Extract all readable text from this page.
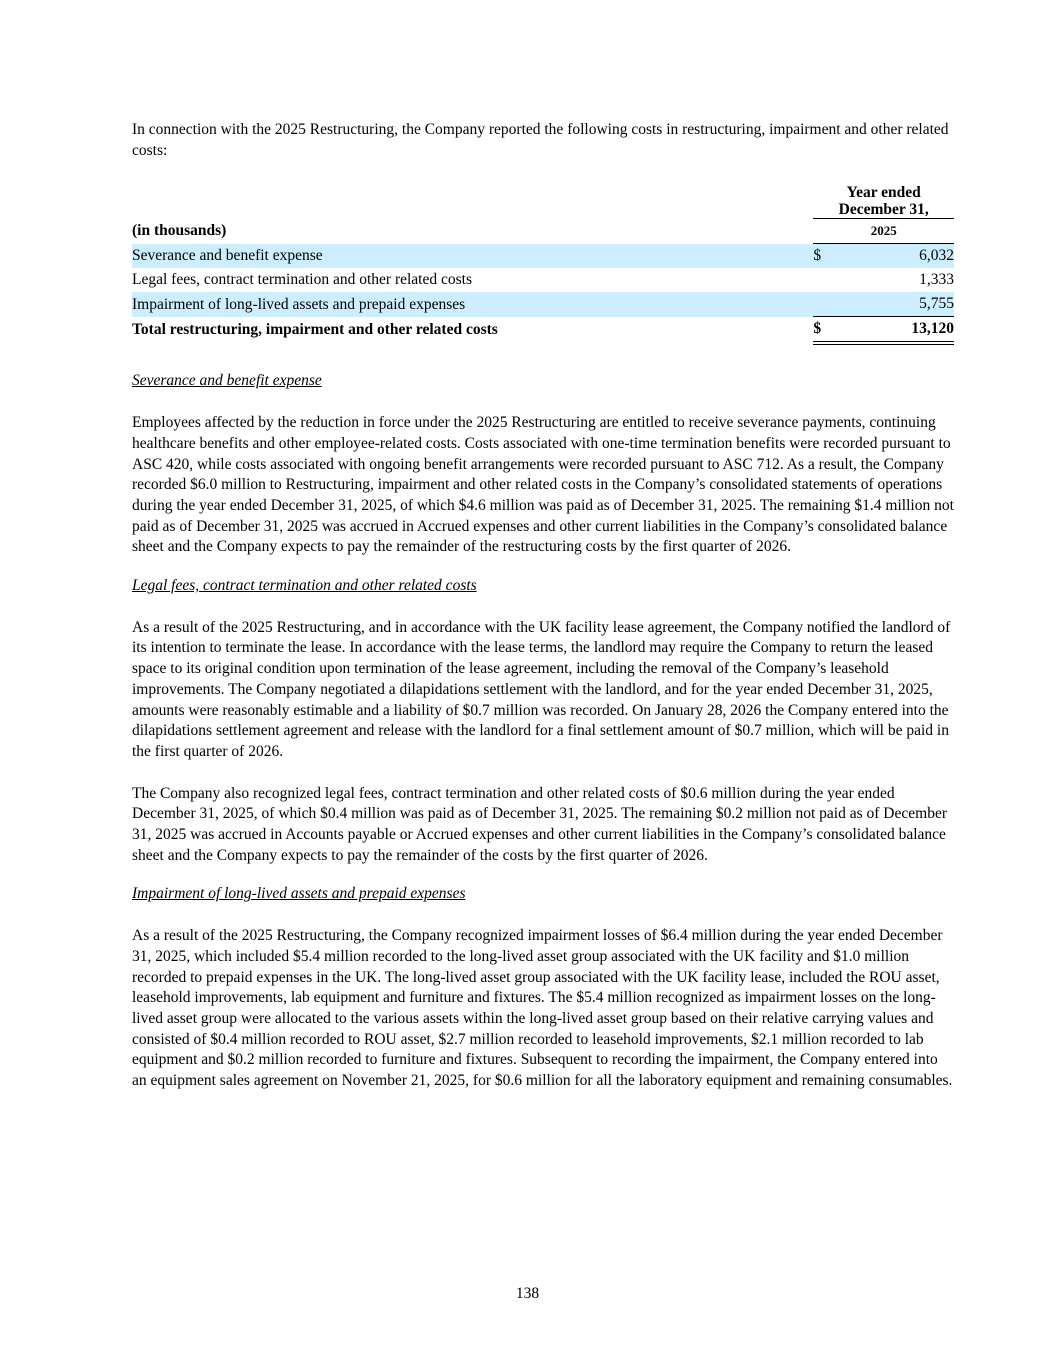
In connection with the 2025 Restructuring, the Company reported the following costs in restructuring, impairment and other related costs:

		Year ended
December 31,	
(in thousands)		2025	
Severance and benefit expense		$	6,032
Legal fees, contract termination and other related costs			1,333
Impairment of long-lived assets and prepaid expenses			5,755
Total restructuring, impairment and other related costs		$	13,120
Severance and benefit expense

Employees affected by the reduction in force under the 2025 Restructuring are entitled to receive severance payments, continuing healthcare benefits and other employee-related costs. Costs associated with one-time termination benefits were recorded pursuant to ASC 420, while costs associated with ongoing benefit arrangements were recorded pursuant to ASC 712. As a result, the Company recorded $6.0 million to Restructuring, impairment and other related costs in the Company’s consolidated statements of operations during the year ended December 31, 2025, of which $4.6 million was paid as of December 31, 2025. The remaining $1.4 million not paid as of December 31, 2025 was accrued in Accrued expenses and other current liabilities in the Company’s consolidated balance sheet and the Company expects to pay the remainder of the restructuring costs by the first quarter of 2026.

Legal fees, contract termination and other related costs

As a result of the 2025 Restructuring, and in accordance with the UK facility lease agreement, the Company notified the landlord of its intention to terminate the lease. In accordance with the lease terms, the landlord may require the Company to return the leased space to its original condition upon termination of the lease agreement, including the removal of the Company’s leasehold improvements. The Company negotiated a dilapidations settlement with the landlord, and for the year ended December 31, 2025, amounts were reasonably estimable and a liability of $0.7 million was recorded. On January 28, 2026 the Company entered into the dilapidations settlement agreement and release with the landlord for a final settlement amount of $0.7 million, which will be paid in the first quarter of 2026.

The Company also recognized legal fees, contract termination and other related costs of $0.6 million during the year ended December 31, 2025, of which $0.4 million was paid as of December 31, 2025. The remaining $0.2 million not paid as of December 31, 2025 was accrued in Accounts payable or Accrued expenses and other current liabilities in the Company’s consolidated balance sheet and the Company expects to pay the remainder of the costs by the first quarter of 2026.

Impairment of long-lived assets and prepaid expenses

As a result of the 2025 Restructuring, the Company recognized impairment losses of $6.4 million during the year ended December 31, 2025, which included $5.4 million recorded to the long-lived asset group associated with the UK facility and $1.0 million recorded to prepaid expenses in the UK. The long-lived asset group associated with the UK facility lease, included the ROU asset, leasehold improvements, lab equipment and furniture and fixtures. The $5.4 million recognized as impairment losses on the long-lived asset group were allocated to the various assets within the long-lived asset group based on their relative carrying values and consisted of $0.4 million recorded to ROU asset, $2.7 million recorded to leasehold improvements, $2.1 million recorded to lab equipment and $0.2 million recorded to furniture and fixtures. Subsequent to recording the impairment, the Company entered into an equipment sales agreement on November 21, 2025, for $0.6 million for all the laboratory equipment and remaining consumables.

138
